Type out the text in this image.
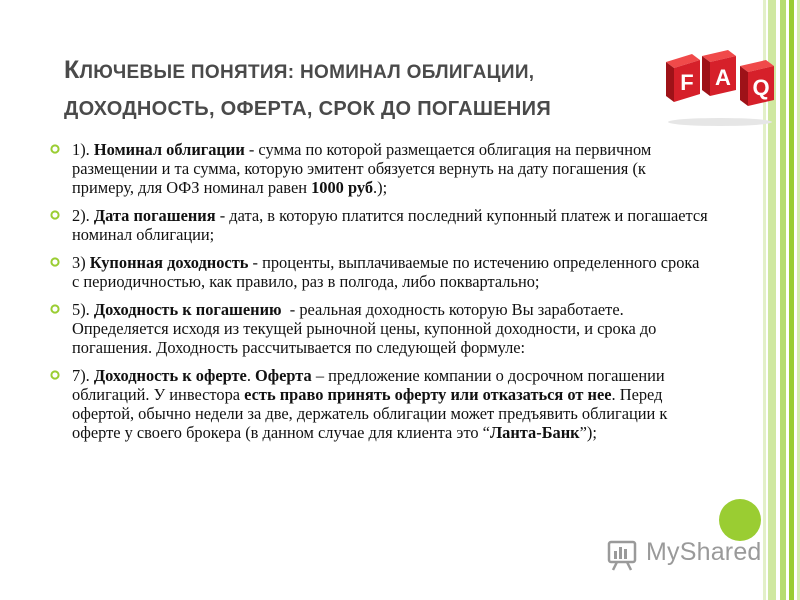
КЛЮЧЕВЫЕ ПОНЯТИЯ: НОМИНАЛ ОБЛИГАЦИИ,
ДОХОДНОСТЬ, ОФЕРТА, СРОК ДО ПОГАШЕНИЯ
F A Q
1). Номинал облигации - сумма по которой размещается облигация на первичном размещении и та сумма, которую эмитент обязуется вернуть на дату погашения (к примеру, для ОФЗ номинал равен 1000 руб.);
2). Дата погашения - дата, в которую платится последний купонный платеж и погашается номинал облигации;
3) Купонная доходность - проценты, выплачиваемые по истечению определенного срока с периодичностью, как правило, раз в полгода, либо поквартально;
5). Доходность к погашению  - реальная доходность которую Вы заработаете. Определяется исходя из текущей рыночной цены, купонной доходности, и срока до погашения. Доходность рассчитывается по следующей формуле:
7). Доходность к оферте. Оферта – предложение компании о досрочном погашении облигаций. У инвестора есть право принять оферту или отказаться от нее. Перед офертой, обычно недели за две, держатель облигации может предъявить облигации к оферте у своего брокера (в данном случае для клиента это “Ланта-Банк”);
MyShared
